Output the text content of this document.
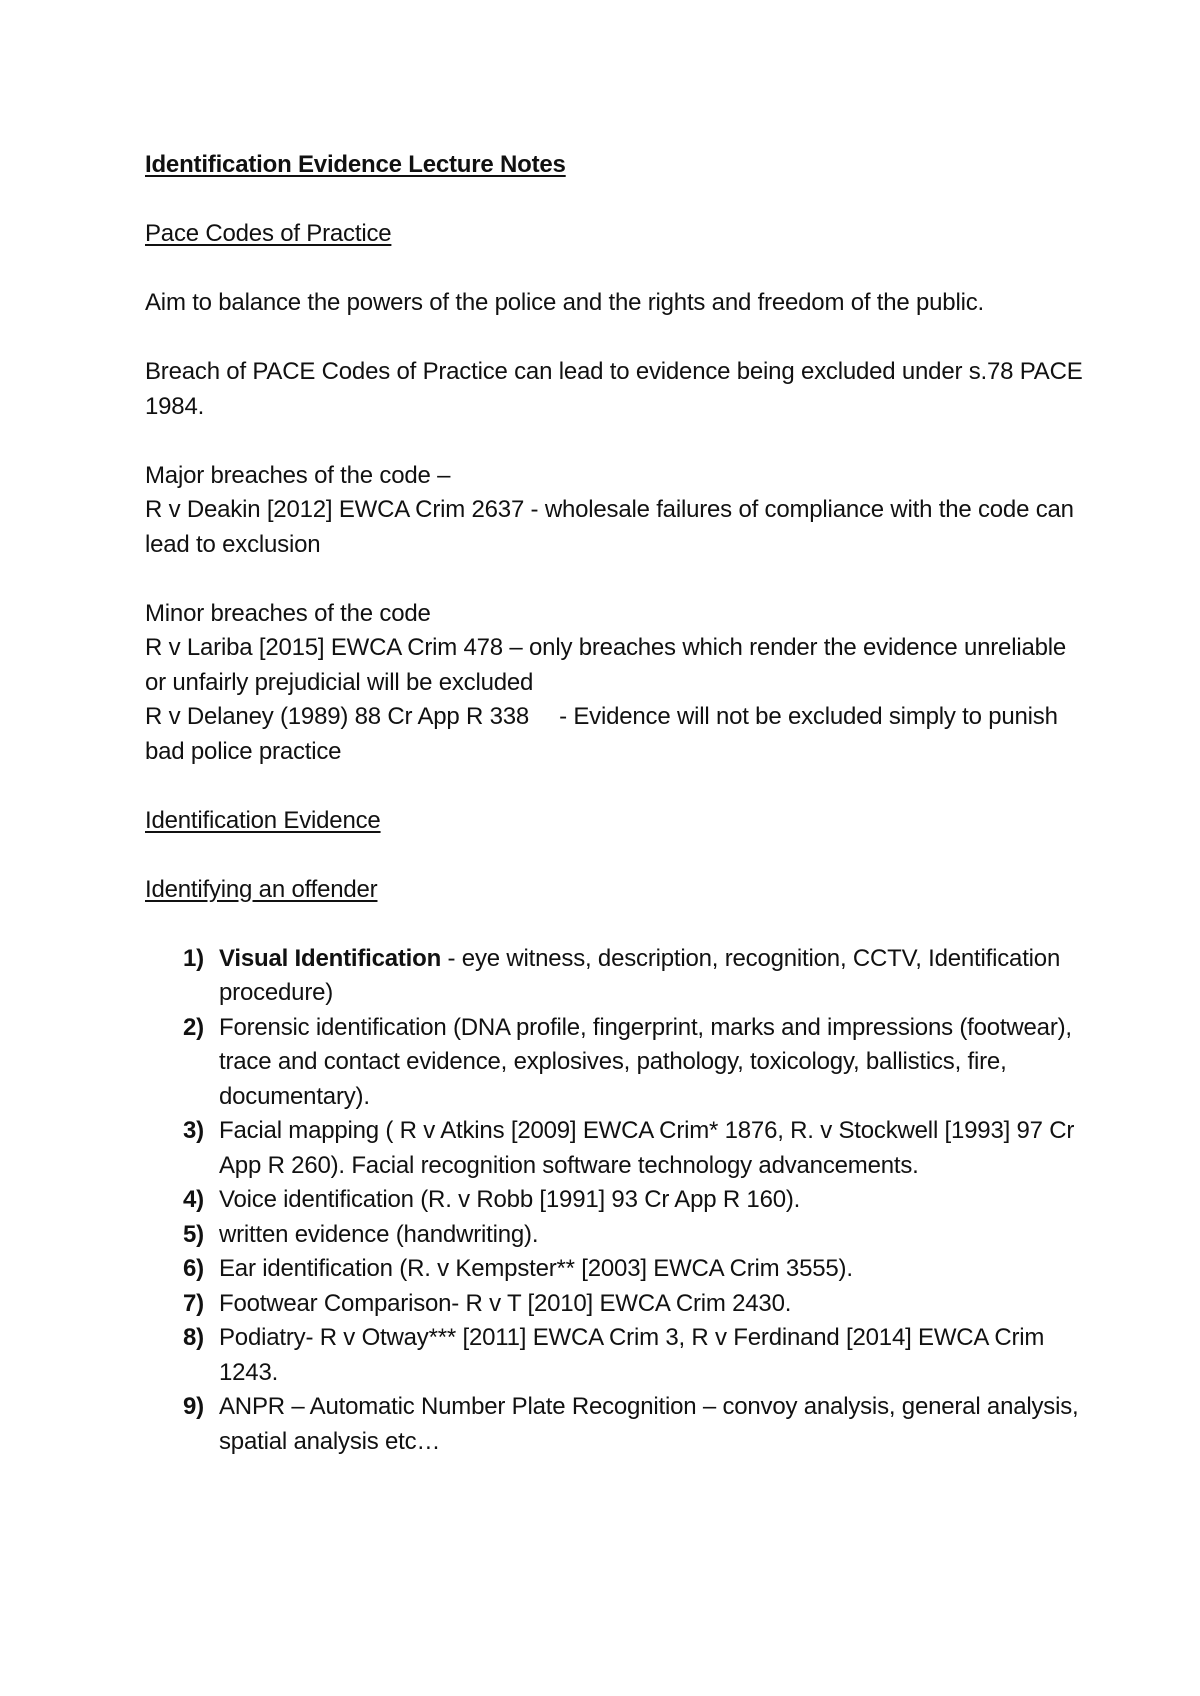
Identification Evidence Lecture Notes

Pace Codes of Practice

Aim to balance the powers of the police and the rights and freedom of the public.

Breach of PACE Codes of Practice can lead to evidence being excluded under s.78 PACE 1984.

Major breaches of the code –

R v Deakin [2012] EWCA Crim 2637 - wholesale failures of compliance with the code can lead to exclusion

Minor breaches of the code

R v Lariba [2015] EWCA Crim 478 – only breaches which render the evidence unreliable or unfairly prejudicial will be excluded

R v Delaney (1989) 88 Cr App R 338 - Evidence will not be excluded simply to punish bad police practice

Identification Evidence

Identifying an offender

1) Visual Identification - eye witness, description, recognition, CCTV, Identification procedure)
2) Forensic identification (DNA profile, fingerprint, marks and impressions (footwear), trace and contact evidence, explosives, pathology, toxicology, ballistics, fire, documentary).
3) Facial mapping ( R v Atkins [2009] EWCA Crim* 1876, R. v Stockwell [1993] 97 Cr App R 260). Facial recognition software technology advancements.
4) Voice identification (R. v Robb [1991] 93 Cr App R 160).
5) written evidence (handwriting).
6) Ear identification (R. v Kempster** [2003] EWCA Crim 3555).
7) Footwear Comparison- R v T [2010] EWCA Crim 2430.
8) Podiatry- R v Otway*** [2011] EWCA Crim 3, R v Ferdinand [2014] EWCA Crim 1243.
9) ANPR – Automatic Number Plate Recognition – convoy analysis, general analysis, spatial analysis etc…
